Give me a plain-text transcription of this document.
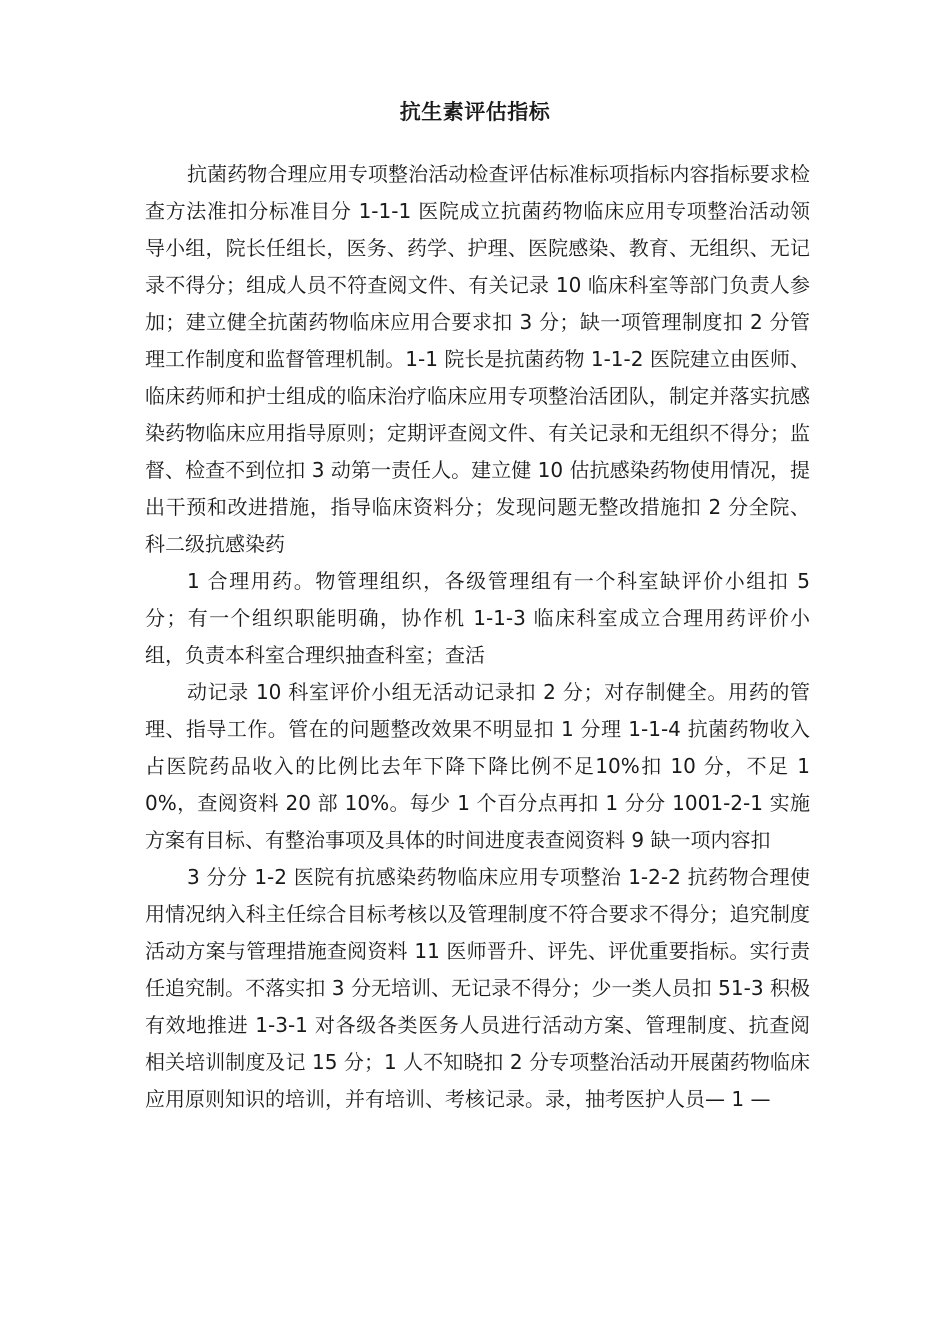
抗生素评估指标

抗菌药物合理应用专项整治活动检查评估标准标项指标内容指标要求检查方法准扣分标准目分 1-1-1 医院成立抗菌药物临床应用专项整治活动领导小组，院长任组长，医务、药学、护理、医院感染、教育、无组织、无记录不得分；组成人员不符查阅文件、有关记录 10 临床科室等部门负责人参加；建立健全抗菌药物临床应用合要求扣 3 分；缺一项管理制度扣 2 分管理工作制度和监督管理机制。1-1 院长是抗菌药物 1-1-2 医院建立由医师、临床药师和护士组成的临床治疗临床应用专项整治活团队，制定并落实抗感染药物临床应用指导原则；定期评查阅文件、有关记录和无组织不得分；监督、检查不到位扣 3 动第一责任人。建立健 10 估抗感染药物使用情况，提出干预和改进措施，指导临床资料分；发现问题无整改措施扣 2 分全院、科二级抗感染药

1 合理用药。物管理组织，各级管理组有一个科室缺评价小组扣 5 分；有一个组织职能明确，协作机 1-1-3 临床科室成立合理用药评价小组，负责本科室合理织抽查科室；查活

动记录 10 科室评价小组无活动记录扣 2 分；对存制健全。用药的管理、指导工作。管在的问题整改效果不明显扣 1 分理 1-1-4 抗菌药物收入占医院药品收入的比例比去年下降下降比例不足10%扣 10 分，不足 10%，查阅资料 20 部 10%。每少 1 个百分点再扣 1 分分 1001-2-1 实施方案有目标、有整治事项及具体的时间进度表查阅资料 9 缺一项内容扣

3 分分 1-2 医院有抗感染药物临床应用专项整治 1-2-2 抗药物合理使用情况纳入科主任综合目标考核以及管理制度不符合要求不得分；追究制度活动方案与管理措施查阅资料 11 医师晋升、评先、评优重要指标。实行责任追究制。不落实扣 3 分无培训、无记录不得分；少一类人员扣 51-3 积极有效地推进 1-3-1 对各级各类医务人员进行活动方案、管理制度、抗查阅相关培训制度及记 15 分；1 人不知晓扣 2 分专项整治活动开展菌药物临床应用原则知识的培训，并有培训、考核记录。录，抽考医护人员— 1 —
